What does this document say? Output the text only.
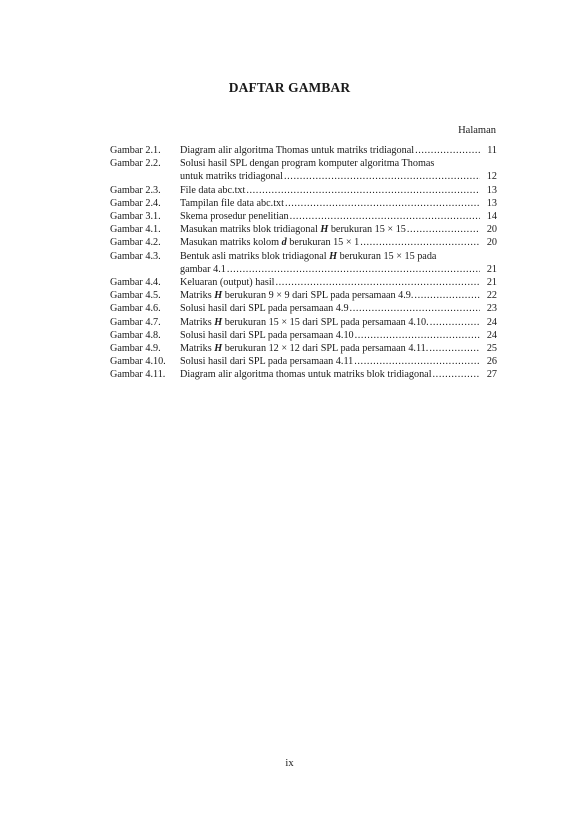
DAFTAR GAMBAR
Halaman
Gambar 2.1.	Diagram alir algoritma Thomas untuk matriks tridiagonal .....	11
Gambar 2.2.	Solusi hasil SPL dengan program komputer algoritma Thomas
untuk matriks tridiagonal .....	12
Gambar 2.3.	File data abc.txt .....	13
Gambar 2.4.	Tampilan file data abc.txt .....	13
Gambar 3.1.	Skema prosedur penelitian .....	14
Gambar 4.1.	Masukan matriks blok tridiagonal H berukuran 15 × 15 .....	20
Gambar 4.2.	Masukan matriks kolom d berukuran 15 × 1 .....	20
Gambar 4.3.	Bentuk asli matriks blok tridiagonal H berukuran 15 × 15 pada
gambar 4.1 .....	21
Gambar 4.4.	Keluaran (output) hasil .....	21
Gambar 4.5.	Matriks H berukuran 9 × 9 dari SPL pada persamaan 4.9. .....	22
Gambar 4.6.	Solusi hasil dari SPL pada persamaan 4.9 .....	23
Gambar 4.7.	Matriks H berukuran 15 × 15 dari SPL pada persamaan 4.10. .....	24
Gambar 4.8.	Solusi hasil dari SPL pada persamaan 4.10 .....	24
Gambar 4.9.	Matriks H berukuran 12 × 12 dari SPL pada persamaan 4.11. .....	25
Gambar 4.10.	Solusi hasil dari SPL pada persamaan 4.11 .....	26
Gambar 4.11.	Diagram alir algoritma thomas untuk matriks blok tridiagonal .....	27
ix
